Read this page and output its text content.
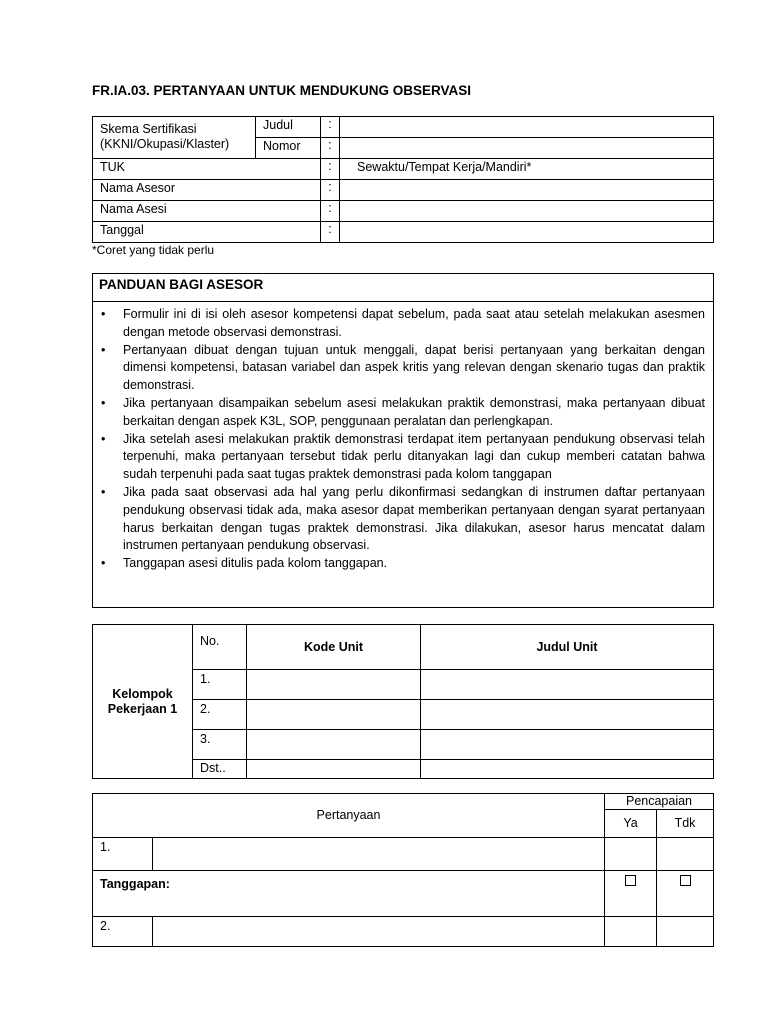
FR.IA.03. PERTANYAAN UNTUK MENDUKUNG OBSERVASI
Skema Sertifikasi
(KKNI/Okupasi/Klaster)	Judul	:	
	Nomor	:	
TUK		:	Sewaktu/Tempat Kerja/Mandiri*
Nama Asesor		:	
Nama Asesi		:	
Tanggal		:	
*Coret yang tidak perlu
PANDUAN BAGI ASESOR
• Formulir ini di isi oleh asesor kompetensi dapat sebelum, pada saat atau setelah melakukan asesmen dengan metode observasi demonstrasi.
• Pertanyaan dibuat dengan tujuan untuk menggali, dapat berisi pertanyaan yang berkaitan dengan dimensi kompetensi, batasan variabel dan aspek kritis yang relevan dengan skenario tugas dan praktik demonstrasi.
• Jika pertanyaan disampaikan sebelum asesi melakukan praktik demonstrasi, maka pertanyaan dibuat berkaitan dengan aspek K3L, SOP, penggunaan peralatan dan perlengkapan.
• Jika setelah asesi melakukan praktik demonstrasi terdapat item pertanyaan pendukung observasi telah terpenuhi, maka pertanyaan tersebut tidak perlu ditanyakan lagi dan cukup memberi catatan bahwa sudah terpenuhi pada saat tugas praktek demonstrasi pada kolom tanggapan
• Jika pada saat observasi ada hal yang perlu dikonfirmasi sedangkan di instrumen daftar pertanyaan pendukung observasi tidak ada, maka asesor dapat memberikan pertanyaan dengan syarat pertanyaan harus berkaitan dengan tugas praktek demonstrasi. Jika dilakukan, asesor harus mencatat dalam instrumen pertanyaan pendukung observasi.
• Tanggapan asesi ditulis pada kolom tanggapan.
Kelompok Pekerjaan 1	No.	Kode Unit	Judul Unit
	1.		
	2.		
	3.		
	Dst..		
Pertanyaan		Pencapaian	
		Ya	Tdk
1.			
Tanggapan:			
2.			
